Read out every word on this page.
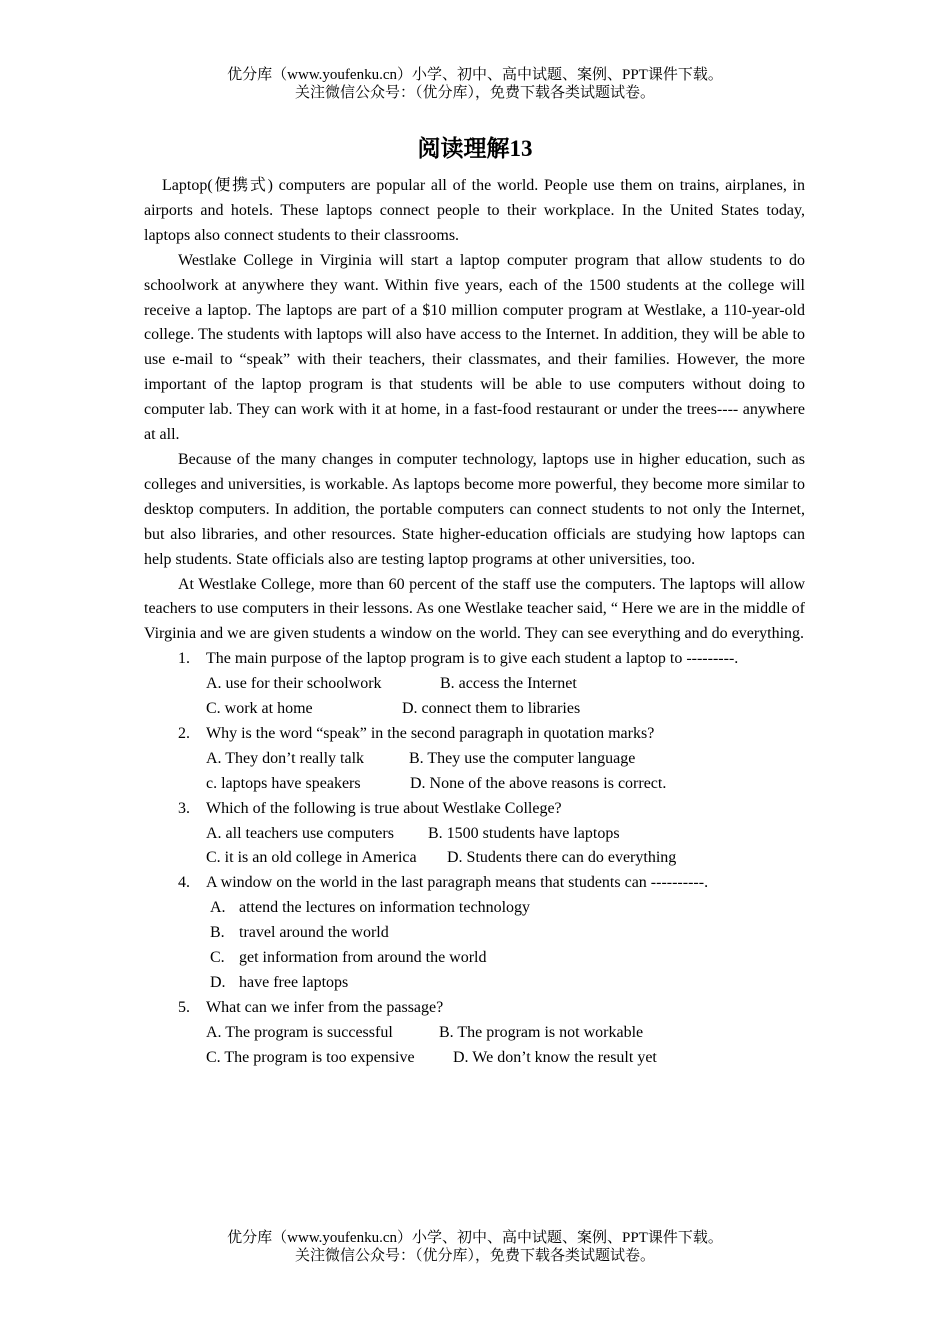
优分库（www.youfenku.cn）小学、初中、高中试题、案例、PPT课件下载。
关注微信公众号：（优分库），免费下载各类试题试卷。
阅读理解13

Laptop(便携式) computers are popular all of the world. People use them on trains, airplanes, in airports and hotels. These laptops connect people to their workplace. In the United States today, laptops also connect students to their classrooms.

Westlake College in Virginia will start a laptop computer program that allow students to do schoolwork at anywhere they want. Within five years, each of the 1500 students at the college will receive a laptop. The laptops are part of a $10 million computer program at Westlake, a 110-year-old college. The students with laptops will also have access to the Internet. In addition, they will be able to use e-mail to “speak” with their teachers, their classmates, and their families. However, the more important of the laptop program is that students will be able to use computers without doing to computer lab. They can work with it at home, in a fast-food restaurant or under the trees---- anywhere at all.

Because of the many changes in computer technology, laptops use in higher education, such as colleges and universities, is workable. As laptops become more powerful, they become more similar to desktop computers. In addition, the portable computers can connect students to not only the Internet, but also libraries, and other resources. State higher-education officials are studying how laptops can help students. State officials also are testing laptop programs at other universities, too.

At Westlake College, more than 60 percent of the staff use the computers. The laptops will allow teachers to use computers in their lessons. As one Westlake teacher said, “ Here we are in the middle of Virginia and we are given students a window on the world. They can see everything and do everything.

1.	The main purpose of the laptop program is to give each student a laptop to ---------.
A. use for their schoolwork	B. access the Internet
C. work at home	D. connect them to libraries
2.	Why is the word “speak” in the second paragraph in quotation marks?
A. They don’t really talk	B. They use the computer language
c. laptops have speakers	D. None of the above reasons is correct.
3.	Which of the following is true about Westlake College?
A. all teachers use computers	B. 1500 students have laptops
C. it is an old college in America	D. Students there can do everything
4.	A window on the world in the last paragraph means that students can ----------.
A. attend the lectures on information technology
B. travel around the world
C. get information from around the world
D. have free laptops
5.	What can we infer from the passage?
A. The program is successful	B. The program is not workable
C. The program is too expensive	D. We don’t know the result yet
优分库（www.youfenku.cn）小学、初中、高中试题、案例、PPT课件下载。
关注微信公众号：（优分库），免费下载各类试题试卷。
